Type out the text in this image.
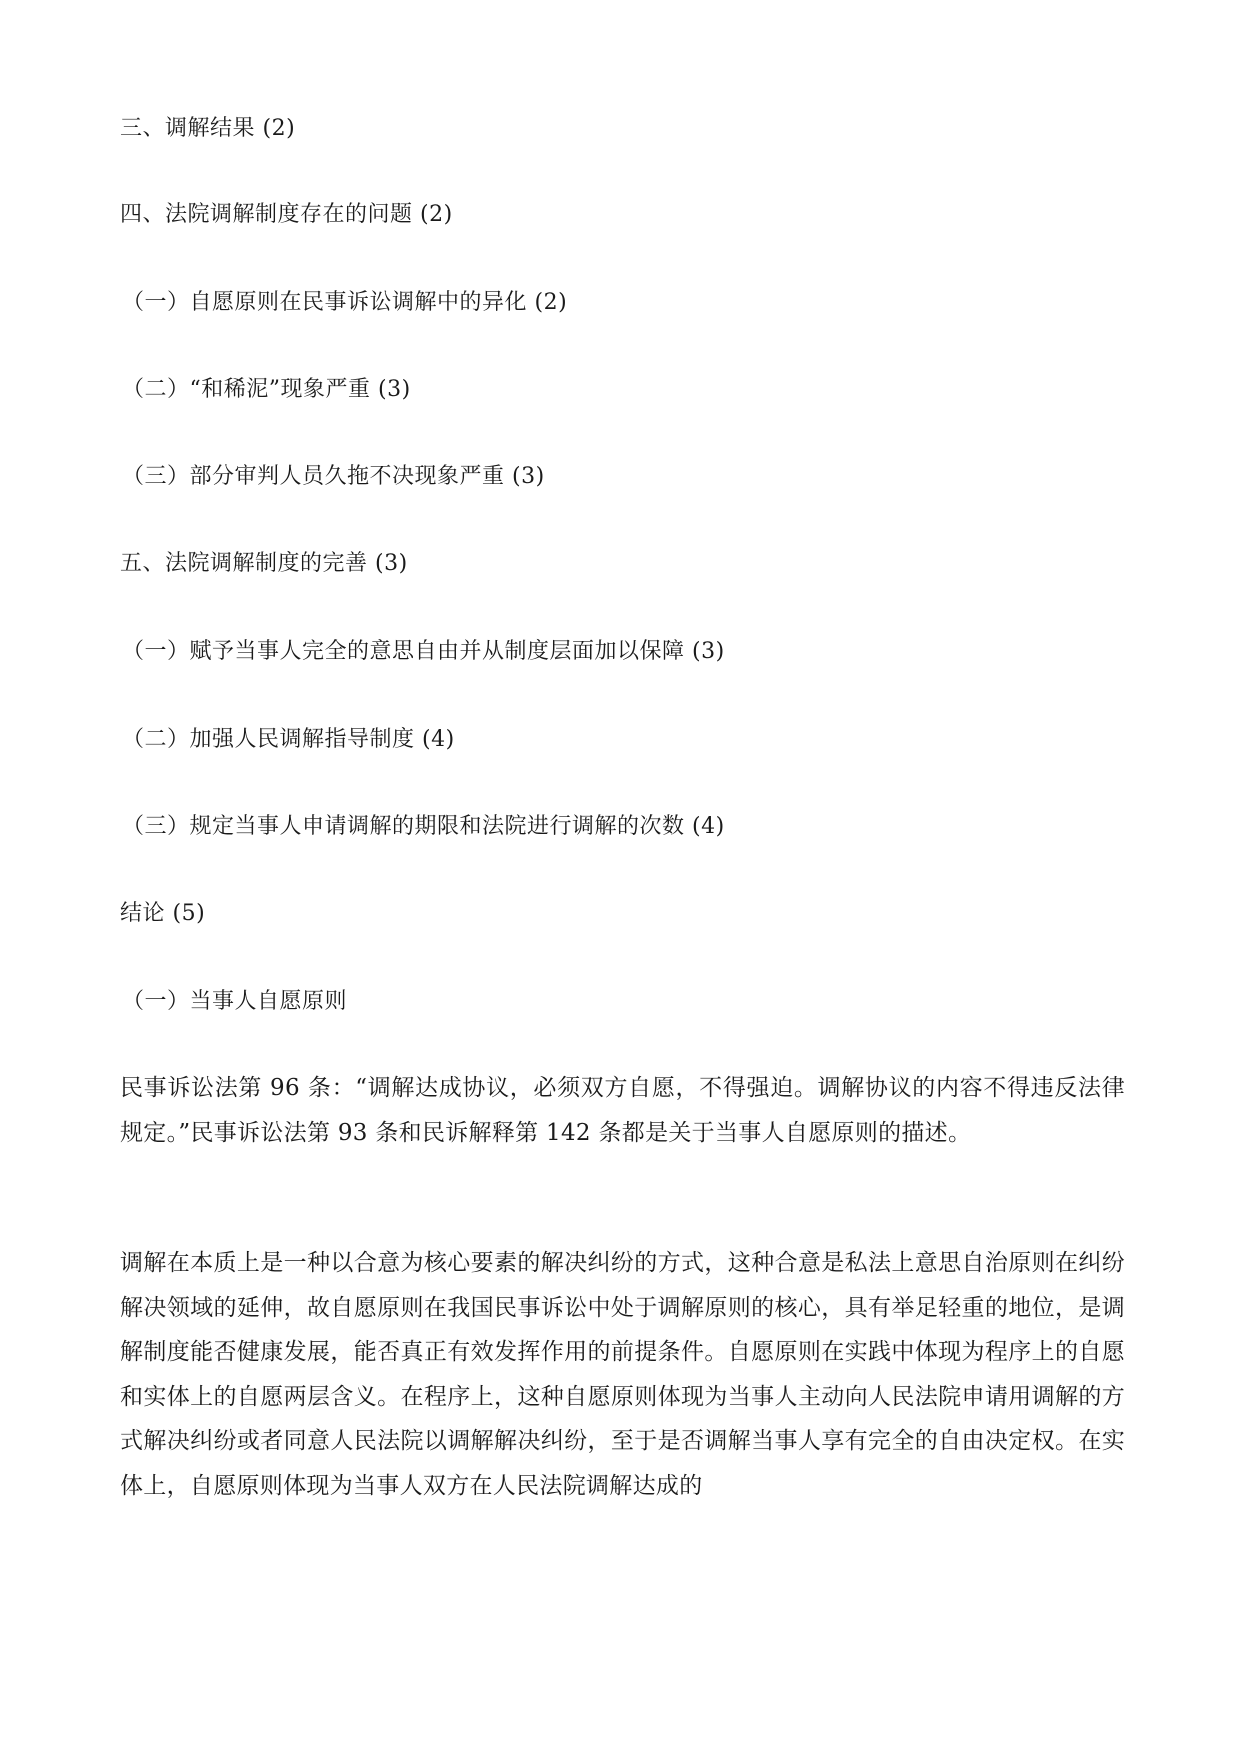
三、调解结果 (2)
四、法院调解制度存在的问题 (2)
（一）自愿原则在民事诉讼调解中的异化 (2)
（二）“和稀泥”现象严重 (3)
（三）部分审判人员久拖不决现象严重 (3)
五、法院调解制度的完善 (3)
（一）赋予当事人完全的意思自由并从制度层面加以保障 (3)
（二）加强人民调解指导制度 (4)
（三）规定当事人申请调解的期限和法院进行调解的次数 (4)
结论 (5)
（一）当事人自愿原则
民事诉讼法第 96 条：“调解达成协议，必须双方自愿，不得强迫。调解协议的内容不得违反法律规定。”民事诉讼法第 93 条和民诉解释第 142 条都是关于当事人自愿原则的描述。
调解在本质上是一种以合意为核心要素的解决纠纷的方式，这种合意是私法上意思自治原则在纠纷解决领域的延伸，故自愿原则在我国民事诉讼中处于调解原则的核心，具有举足轻重的地位，是调解制度能否健康发展，能否真正有效发挥作用的前提条件。自愿原则在实践中体现为程序上的自愿和实体上的自愿两层含义。在程序上，这种自愿原则体现为当事人主动向人民法院申请用调解的方式解决纠纷或者同意人民法院以调解解决纠纷，至于是否调解当事人享有完全的自由决定权。在实体上，自愿原则体现为当事人双方在人民法院调解达成的
